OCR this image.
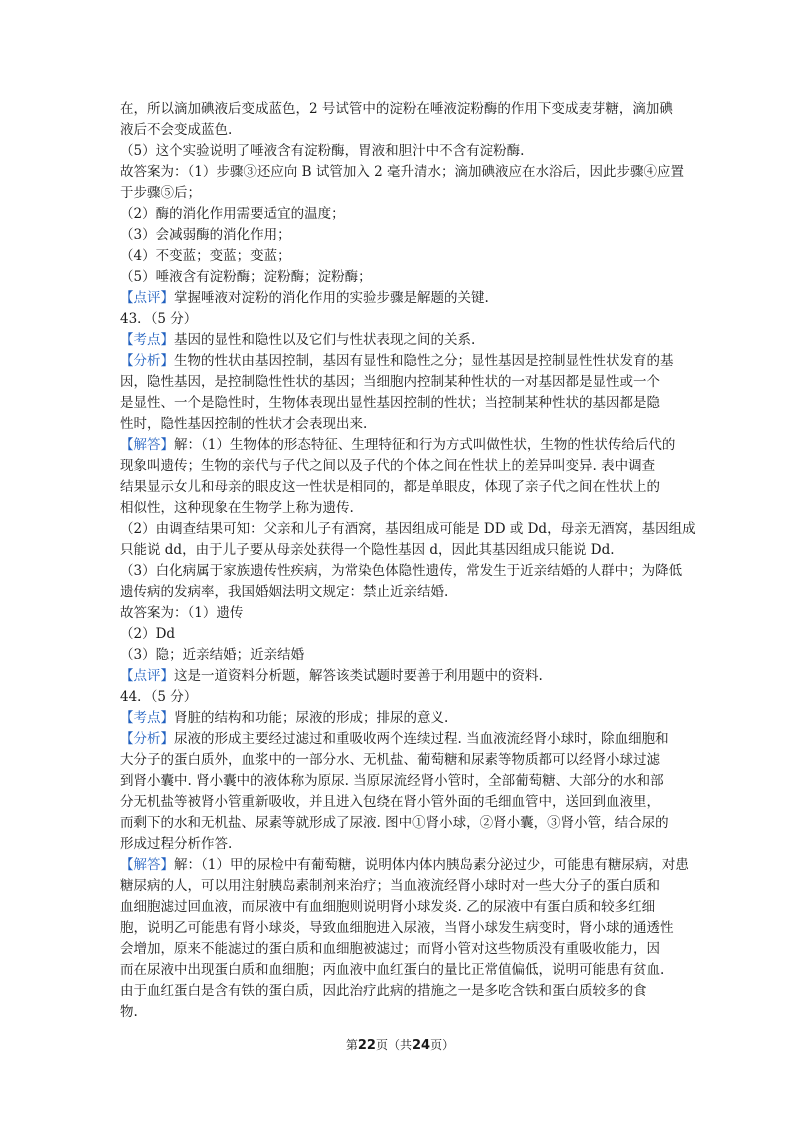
在，所以滴加碘液后变成蓝色，2 号试管中的淀粉在唾液淀粉酶的作用下变成麦芽糖，滴加碘
液后不会变成蓝色.
（5）这个实验说明了唾液含有淀粉酶，胃液和胆汁中不含有淀粉酶.
故答案为：（1）步骤③还应向 B 试管加入 2 毫升清水；滴加碘液应在水浴后，因此步骤④应置
于步骤⑤后；
（2）酶的消化作用需要适宜的温度；
（3）会减弱酶的消化作用；
（4）不变蓝；变蓝；变蓝；
（5）唾液含有淀粉酶；淀粉酶；淀粉酶；
【点评】掌握唾液对淀粉的消化作用的实验步骤是解题的关键.
43．（5 分）
【考点】基因的显性和隐性以及它们与性状表现之间的关系.
【分析】生物的性状由基因控制，基因有显性和隐性之分；显性基因是控制显性性状发育的基
因，隐性基因，是控制隐性性状的基因；当细胞内控制某种性状的一对基因都是显性或一个
是显性、一个是隐性时，生物体表现出显性基因控制的性状；当控制某种性状的基因都是隐
性时，隐性基因控制的性状才会表现出来.
【解答】解：（1）生物体的形态特征、生理特征和行为方式叫做性状，生物的性状传给后代的
现象叫遗传；生物的亲代与子代之间以及子代的个体之间在性状上的差异叫变异. 表中调查
结果显示女儿和母亲的眼皮这一性状是相同的，都是单眼皮，体现了亲子代之间在性状上的
相似性，这种现象在生物学上称为遗传.
（2）由调查结果可知：父亲和儿子有酒窝，基因组成可能是 DD 或 Dd，母亲无酒窝，基因组成
只能说 dd，由于儿子要从母亲处获得一个隐性基因 d，因此其基因组成只能说 Dd.
（3）白化病属于家族遗传性疾病，为常染色体隐性遗传，常发生于近亲结婚的人群中；为降低
遗传病的发病率，我国婚姻法明文规定：禁止近亲结婚.
故答案为：（1）遗传
（2）Dd
（3）隐；近亲结婚；近亲结婚
【点评】这是一道资料分析题，解答该类试题时要善于利用题中的资料.
44．（5 分）
【考点】肾脏的结构和功能；尿液的形成；排尿的意义.
【分析】尿液的形成主要经过滤过和重吸收两个连续过程. 当血液流经肾小球时，除血细胞和
大分子的蛋白质外，血浆中的一部分水、无机盐、葡萄糖和尿素等物质都可以经肾小球过滤
到肾小囊中. 肾小囊中的液体称为原尿. 当原尿流经肾小管时，全部葡萄糖、大部分的水和部
分无机盐等被肾小管重新吸收，并且进入包绕在肾小管外面的毛细血管中，送回到血液里，
而剩下的水和无机盐、尿素等就形成了尿液. 图中①肾小球，②肾小囊，③肾小管，结合尿的
形成过程分析作答.
【解答】解：（1）甲的尿检中有葡萄糖，说明体内体内胰岛素分泌过少，可能患有糖尿病，对患
糖尿病的人，可以用注射胰岛素制剂来治疗；当血液流经肾小球时对一些大分子的蛋白质和
血细胞滤过回血液，而尿液中有血细胞则说明肾小球发炎. 乙的尿液中有蛋白质和较多红细
胞，说明乙可能患有肾小球炎，导致血细胞进入尿液，当肾小球发生病变时，肾小球的通透性
会增加，原来不能滤过的蛋白质和血细胞被滤过；而肾小管对这些物质没有重吸收能力，因
而在尿液中出现蛋白质和血细胞；丙血液中血红蛋白的量比正常值偏低，说明可能患有贫血.
由于血红蛋白是含有铁的蛋白质，因此治疗此病的措施之一是多吃含铁和蛋白质较多的食
物.
第22页（共24页）
